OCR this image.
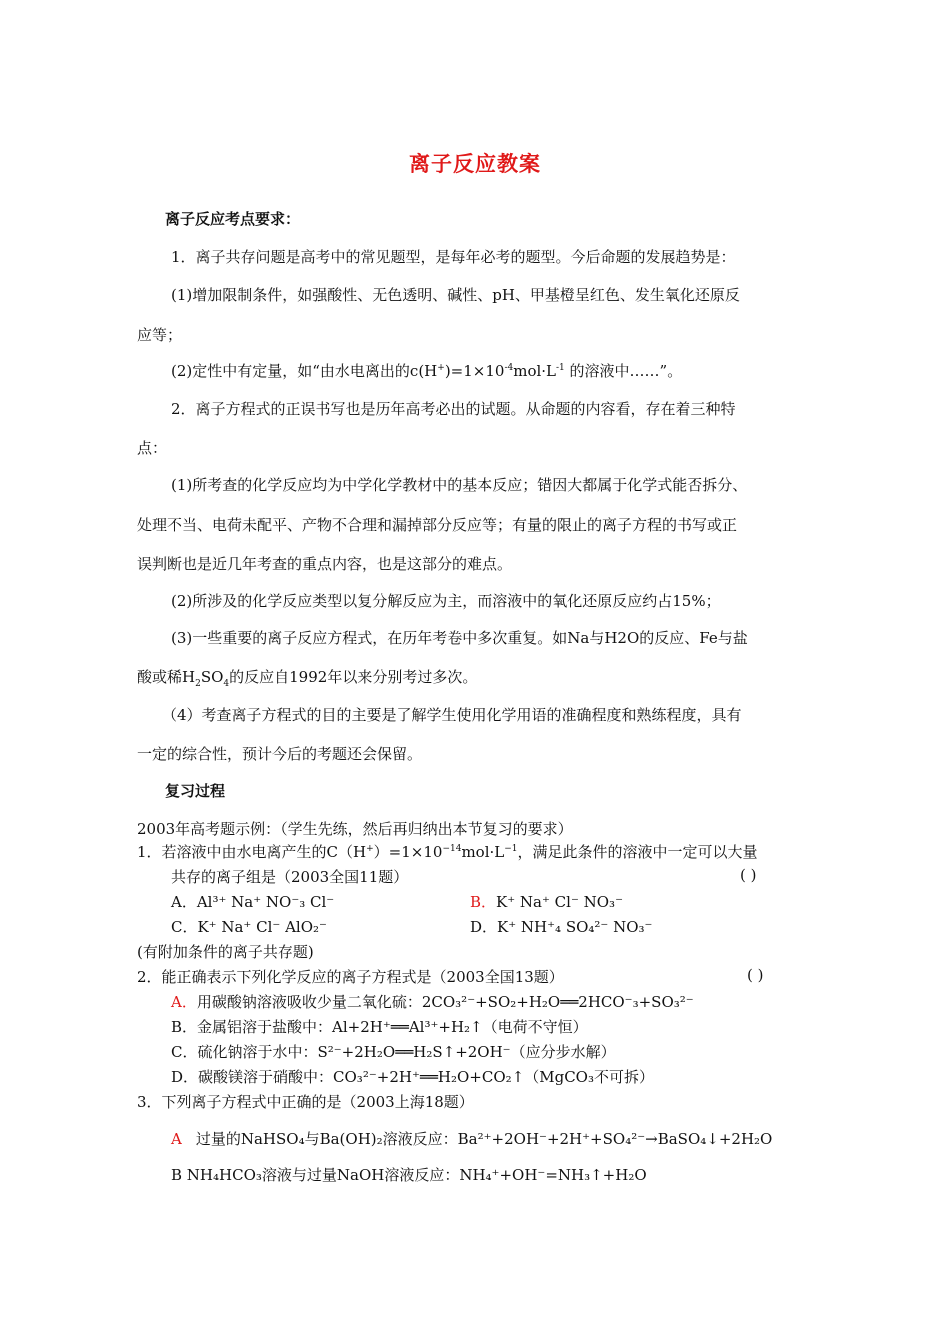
离子反应教案
离子反应考点要求：
1．离子共存问题是高考中的常见题型，是每年必考的题型。今后命题的发展趋势是：
(1)增加限制条件，如强酸性、无色透明、碱性、pH、甲基橙呈红色、发生氧化还原反
应等；
(2)定性中有定量，如“由水电离出的$c(H^+)=1\times 10^{-4}mol\cdot L^{-1}$ 的溶液中……”。
2．离子方程式的正误书写也是历年高考必出的试题。从命题的内容看，存在着三种特
点：
(1)所考查的化学反应均为中学化学教材中的基本反应；错因大都属于化学式能否拆分、
处理不当、电荷未配平、产物不合理和漏掉部分反应等；有量的限止的离子方程的书写或正
误判断也是近几年考查的重点内容，也是这部分的难点。
(2)所涉及的化学反应类型以复分解反应为主，而溶液中的氧化还原反应约占15%；
(3)一些重要的离子反应方程式，在历年考卷中多次重复。如Na与H2O的反应、Fe与盐
酸或稀$H_2SO_4$的反应自1992年以来分别考过多次。
（4）考查离子方程式的目的主要是了解学生使用化学用语的准确程度和熟练程度，具有
一定的综合性，预计今后的考题还会保留。
复习过程
2003年高考题示例：（学生先练，然后再归纳出本节复习的要求）
1．若溶液中由水电离产生的$C(H^+)=1\times 10^{-14}mol\cdot L^{-1}$，满足此条件的溶液中一定可以大量
共存的离子组是（2003全国11题）	( )
A．Al³⁺ Na⁺ NO⁻₃ Cl⁻	B．K⁺ Na⁺ Cl⁻ NO₃⁻
C．K⁺ Na⁺ Cl⁻ AlO₂⁻	D．K⁺ NH⁺₄ SO₄²⁻ NO₃⁻
(有附加条件的离子共存题)
2．能正确表示下列化学反应的离子方程式是（2003全国13题）	( )
A．用碳酸钠溶液吸收少量二氧化硫：2CO₃²⁻+SO₂+H₂O══2HCO⁻₃+SO₃²⁻
B．金属铝溶于盐酸中：Al+2H⁺══Al³⁺+H₂↑（电荷不守恒）
C．硫化钠溶于水中：S²⁻+2H₂O══H₂S↑+2OH⁻（应分步水解）
D．碳酸镁溶于硝酸中：CO₃²⁻+2H⁺══H₂O+CO₂↑（MgCO₃不可拆）
3．下列离子方程式中正确的是（2003上海18题）
A 过量的NaHSO₄与Ba(OH)₂溶液反应：Ba²⁺+2OH⁻+2H⁺+SO₄²⁻→BaSO₄↓+2H₂O
B NH₄HCO₃溶液与过量NaOH溶液反应：NH₄⁺+OH⁻=NH₃↑+H₂O
